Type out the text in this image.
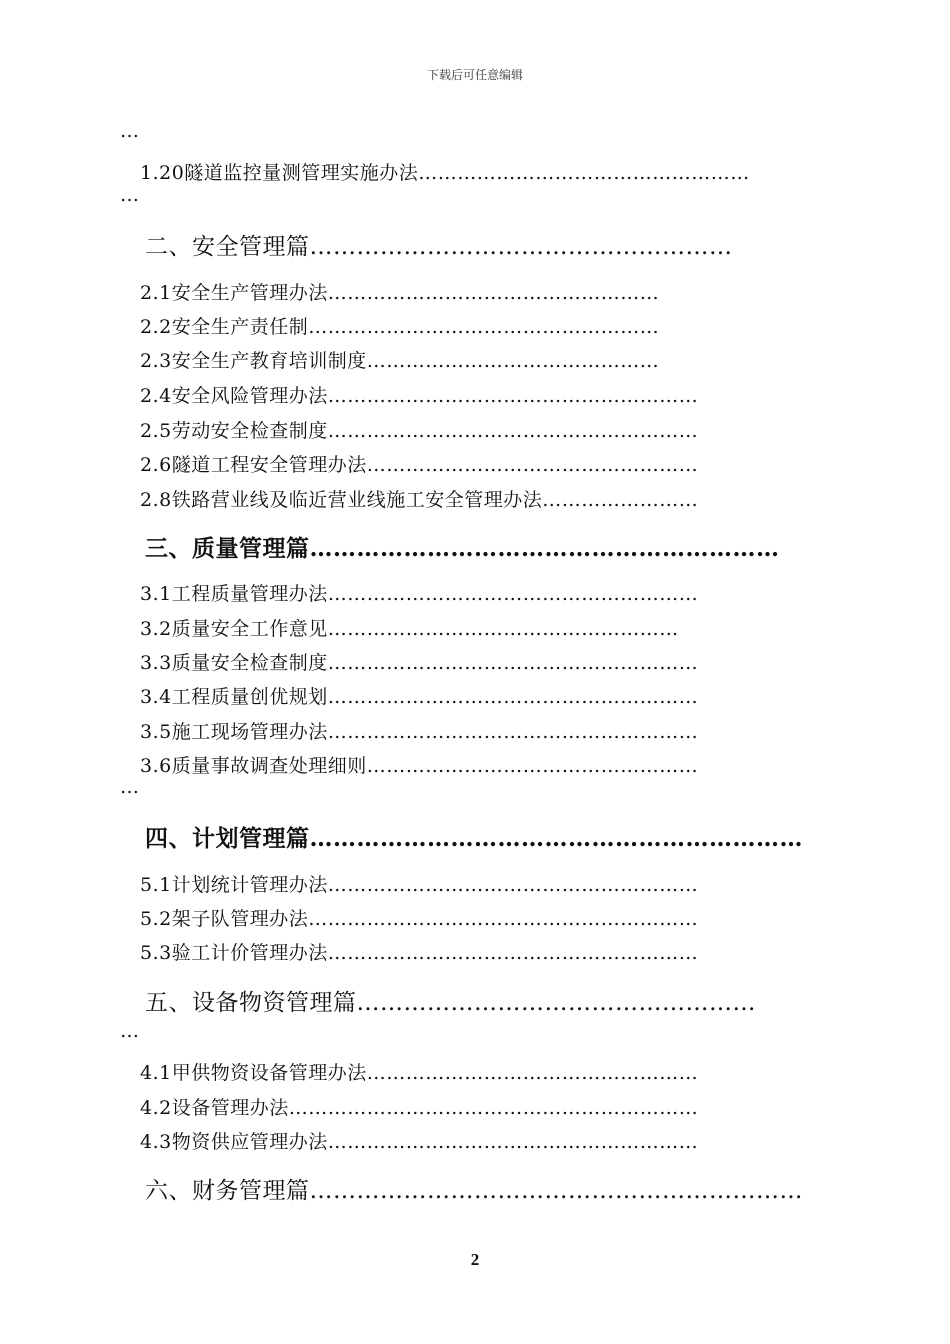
下载后可任意编辑
…
1.20隧道监控量测管理实施办法……………………………………………
…
二、安全管理篇………………………………………………
2.1安全生产管理办法……………………………………………
2.2安全生产责任制………………………………………………
2.3安全生产教育培训制度………………………………………
2.4安全风险管理办法…………………………………………………
2.5劳动安全检查制度…………………………………………………
2.6隧道工程安全管理办法……………………………………………
2.8铁路营业线及临近营业线施工安全管理办法……………………
三、质量管理篇……………………………………………………
3.1工程质量管理办法…………………………………………………
3.2质量安全工作意见………………………………………………
3.3质量安全检查制度…………………………………………………
3.4工程质量创优规划…………………………………………………
3.5施工现场管理办法…………………………………………………
3.6质量事故调查处理细则……………………………………………
…
四、计划管理篇………………………………………………………
5.1计划统计管理办法…………………………………………………
5.2架子队管理办法……………………………………………………
5.3验工计价管理办法…………………………………………………
五、设备物资管理篇……………………………………………
…
4.1甲供物资设备管理办法……………………………………………
4.2设备管理办法………………………………………………………
4.3物资供应管理办法…………………………………………………
六、财务管理篇………………………………………………………
2
